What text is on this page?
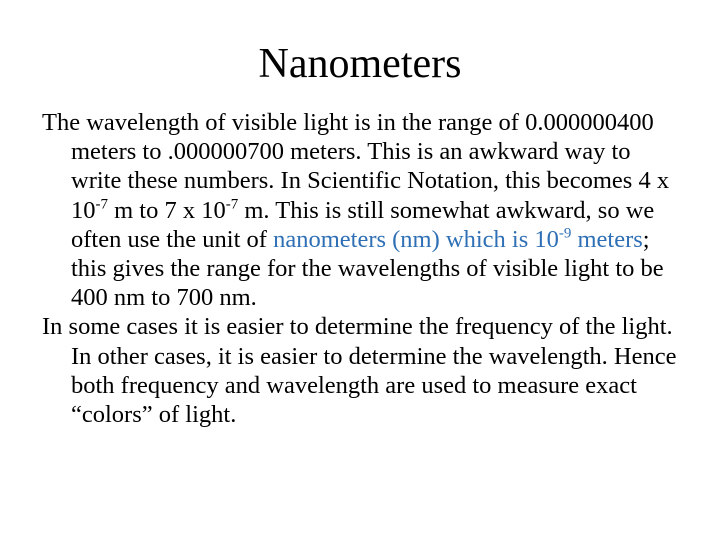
Nanometers

The wavelength of visible light is in the range of 0.000000400 meters to .000000700 meters. This is an awkward way to write these numbers. In Scientific Notation, this becomes 4 x $10^{-7}$ m to 7 x $10^{-7}$ m. This is still somewhat awkward, so we often use the unit of nanometers (nm) which is $10^{-9}$ meters; this gives the range for the wavelengths of visible light to be 400 nm to 700 nm.

In some cases it is easier to determine the frequency of the light. In other cases, it is easier to determine the wavelength. Hence both frequency and wavelength are used to measure exact “colors” of light.
